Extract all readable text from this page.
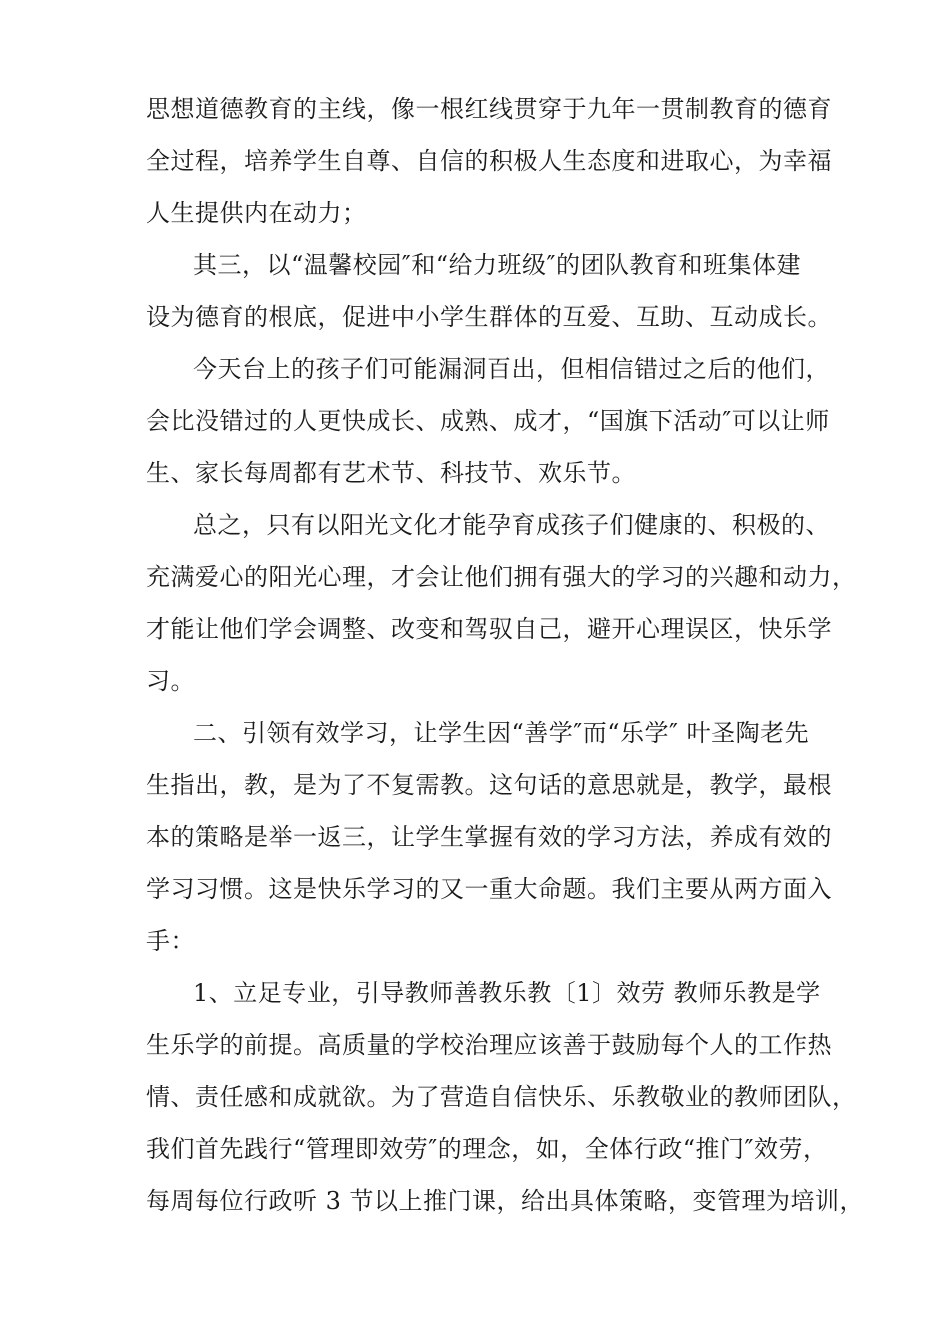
思想道德教育的主线，像一根红线贯穿于九年一贯制教育的德育
全过程，培养学生自尊、自信的积极人生态度和进取心，为幸福
人生提供内在动力；
其三，以“温馨校园″和“给力班级″的团队教育和班集体建
设为德育的根底，促进中小学生群体的互爱、互助、互动成长。
今天台上的孩子们可能漏洞百出，但相信错过之后的他们，
会比没错过的人更快成长、成熟、成才，“国旗下活动″可以让师
生、家长每周都有艺术节、科技节、欢乐节。
总之，只有以阳光文化才能孕育成孩子们健康的、积极的、
充满爱心的阳光心理，才会让他们拥有强大的学习的兴趣和动力，
才能让他们学会调整、改变和驾驭自己，避开心理误区，快乐学
习。
二、引领有效学习，让学生因“善学″而“乐学″ 叶圣陶老先
生指出，教，是为了不复需教。这句话的意思就是，教学，最根
本的策略是举一返三，让学生掌握有效的学习方法，养成有效的
学习习惯。这是快乐学习的又一重大命题。我们主要从两方面入
手：
1、立足专业，引导教师善教乐教〔1〕效劳 教师乐教是学
生乐学的前提。高质量的学校治理应该善于鼓励每个人的工作热
情、责任感和成就欲。为了营造自信快乐、乐教敬业的教师团队，
我们首先践行“管理即效劳″的理念，如，全体行政“推门″效劳，
每周每位行政听 3 节以上推门课，给出具体策略，变管理为培训，
